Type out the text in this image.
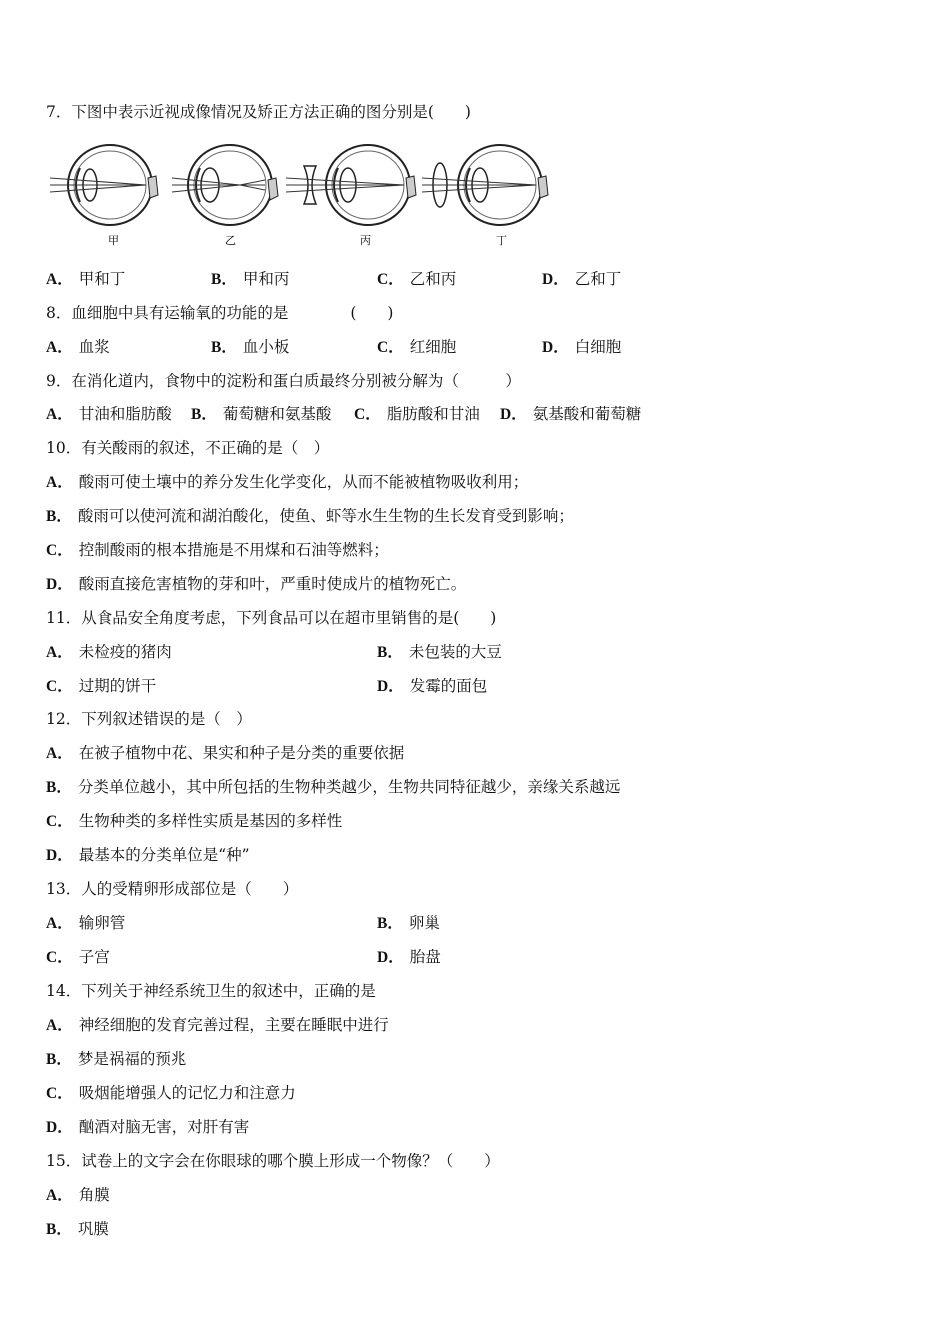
7．下图中表示近视成像情况及矫正方法正确的图分别是(　　)
甲	乙	丙	丁
A． 甲和丁	B． 甲和丙	C． 乙和丙	D． 乙和丁
8．血细胞中具有运输氧的功能的是　　　　(　　)
A． 血浆	B． 血小板	C． 红细胞	D． 白细胞
9．在消化道内，食物中的淀粉和蛋白质最终分别被分解为（　　　）
A． 甘油和脂肪酸 B． 葡萄糖和氨基酸 C． 脂肪酸和甘油 D． 氨基酸和葡萄糖
10．有关酸雨的叙述，不正确的是（　）
A． 酸雨可使土壤中的养分发生化学变化，从而不能被植物吸收利用；
B． 酸雨可以使河流和湖泊酸化，使鱼、虾等水生生物的生长发育受到影响；
C． 控制酸雨的根本措施是不用煤和石油等燃料；
D． 酸雨直接危害植物的芽和叶，严重时使成片的植物死亡。
11．从食品安全角度考虑，下列食品可以在超市里销售的是(　　)
A． 未检疫的猪肉	B． 未包装的大豆
C． 过期的饼干	D． 发霉的面包
12．下列叙述错误的是（　）
A． 在被子植物中花、果实和种子是分类的重要依据
B． 分类单位越小，其中所包括的生物种类越少，生物共同特征越少，亲缘关系越远
C． 生物种类的多样性实质是基因的多样性
D． 最基本的分类单位是“种”
13．人的受精卵形成部位是（　　）
A． 输卵管	B． 卵巢
C． 子宫	D． 胎盘
14．下列关于神经系统卫生的叙述中，正确的是
A． 神经细胞的发育完善过程，主要在睡眠中进行
B． 梦是祸福的预兆
C． 吸烟能增强人的记忆力和注意力
D． 酗酒对脑无害，对肝有害
15．试卷上的文字会在你眼球的哪个膜上形成一个物像？（　　）
A． 角膜
B． 巩膜
